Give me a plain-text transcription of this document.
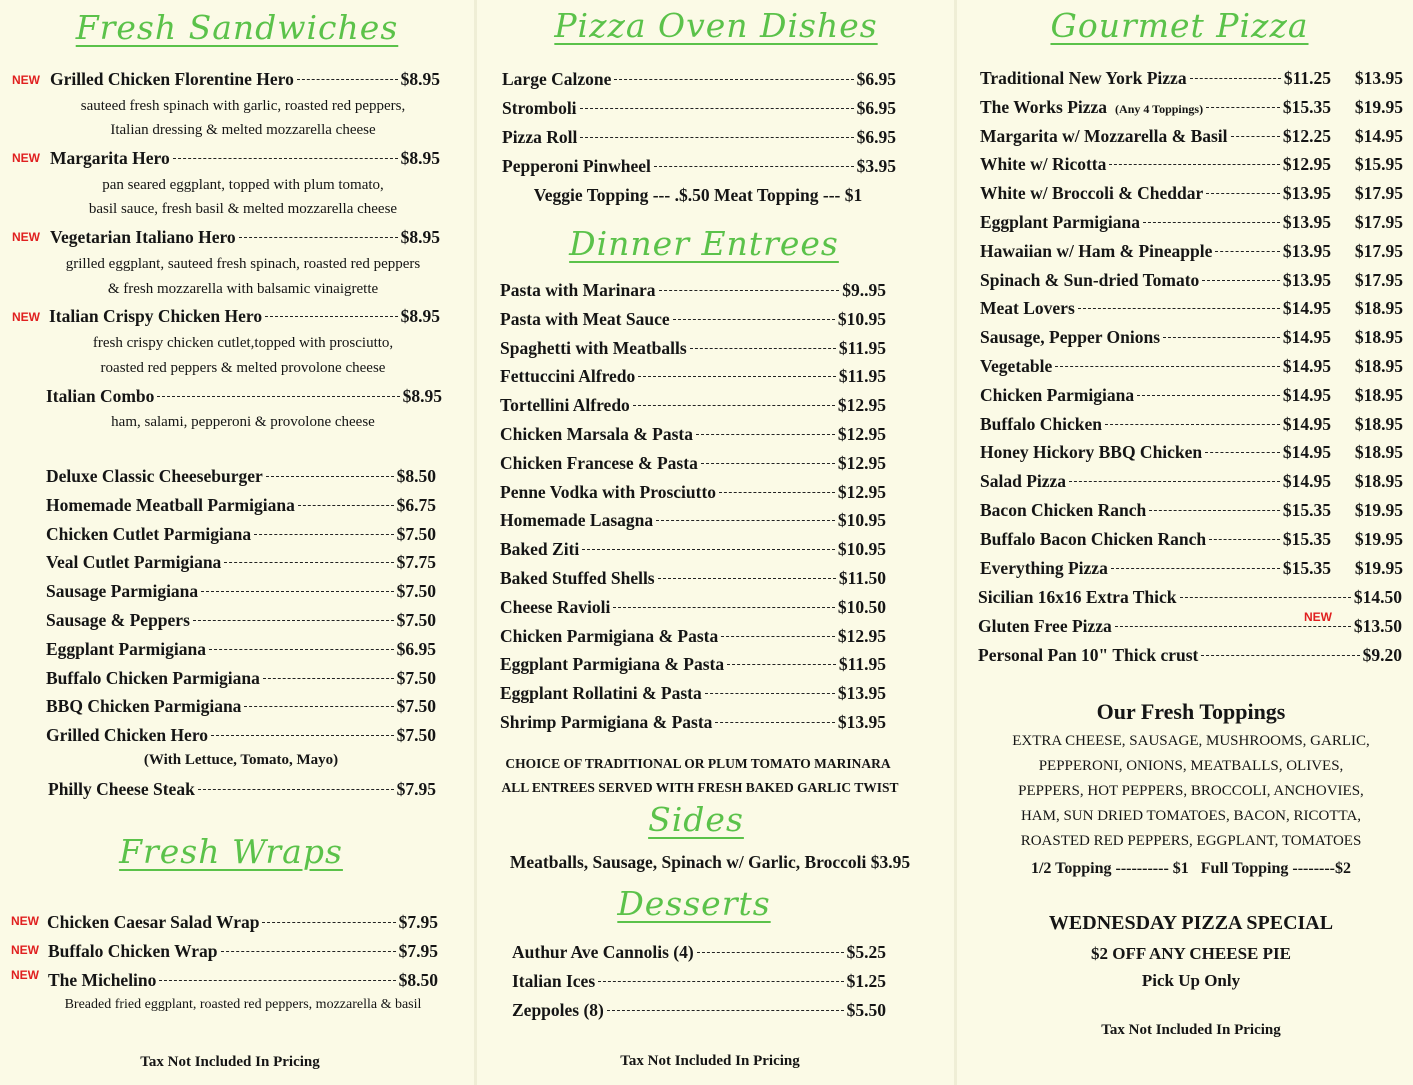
Fresh Sandwiches
NEW Grilled Chicken Florentine Hero	$8.95
sauteed fresh spinach with garlic, roasted red peppers,
Italian dressing & melted mozzarella cheese
NEW Margarita Hero	$8.95
pan seared eggplant, topped with plum tomato,
basil sauce, fresh basil & melted mozzarella cheese
NEW Vegetarian Italiano Hero	$8.95
grilled eggplant, sauteed fresh spinach, roasted red peppers
& fresh mozzarella with balsamic vinaigrette
NEW Italian Crispy Chicken Hero	$8.95
fresh crispy chicken cutlet,topped with prosciutto,
roasted red peppers & melted provolone cheese
Italian Combo	$8.95
ham, salami, pepperoni & provolone cheese
Deluxe Classic Cheeseburger	$8.50
Homemade Meatball Parmigiana	$6.75
Chicken Cutlet Parmigiana	$7.50
Veal Cutlet Parmigiana	$7.75
Sausage Parmigiana	$7.50
Sausage & Peppers	$7.50
Eggplant Parmigiana	$6.95
Buffalo Chicken Parmigiana	$7.50
BBQ Chicken Parmigiana	$7.50
Grilled Chicken Hero	$7.50
(With Lettuce, Tomato, Mayo)
Philly Cheese Steak	$7.95
Fresh Wraps
NEW Chicken Caesar Salad Wrap	$7.95
NEW Buffalo Chicken Wrap	$7.95
NEW The Michelino	$8.50
Breaded fried eggplant, roasted red peppers, mozzarella & basil
Tax Not Included In Pricing
Pizza Oven Dishes
Large Calzone	$6.95
Stromboli	$6.95
Pizza Roll	$6.95
Pepperoni Pinwheel	$3.95
Veggie Topping --- .$.50 Meat Topping --- $1
Dinner Entrees
Pasta with Marinara	$9..95
Pasta with Meat Sauce	$10.95
Spaghetti with Meatballs	$11.95
Fettuccini Alfredo	$11.95
Tortellini Alfredo	$12.95
Chicken Marsala & Pasta	$12.95
Chicken Francese & Pasta	$12.95
Penne Vodka with Prosciutto	$12.95
Homemade Lasagna	$10.95
Baked Ziti	$10.95
Baked Stuffed Shells	$11.50
Cheese Ravioli	$10.50
Chicken Parmigiana & Pasta	$12.95
Eggplant Parmigiana & Pasta	$11.95
Eggplant Rollatini & Pasta	$13.95
Shrimp Parmigiana & Pasta	$13.95
CHOICE OF TRADITIONAL OR PLUM TOMATO MARINARA
ALL ENTREES SERVED WITH FRESH BAKED GARLIC TWIST
Sides
Meatballs, Sausage, Spinach w/ Garlic, Broccoli $3.95
Desserts
Authur Ave Cannolis (4)	$5.25
Italian Ices	$1.25
Zeppoles (8)	$5.50
Tax Not Included In Pricing
Gourmet Pizza
Traditional New York Pizza	$11.25	$13.95
The Works Pizza (Any 4 Toppings)	$15.35	$19.95
Margarita w/ Mozzarella & Basil	$12.25	$14.95
White w/ Ricotta	$12.95	$15.95
White w/ Broccoli & Cheddar	$13.95	$17.95
Eggplant Parmigiana	$13.95	$17.95
Hawaiian w/ Ham & Pineapple	$13.95	$17.95
Spinach & Sun-dried Tomato	$13.95	$17.95
Meat Lovers	$14.95	$18.95
Sausage, Pepper Onions	$14.95	$18.95
Vegetable	$14.95	$18.95
Chicken Parmigiana	$14.95	$18.95
Buffalo Chicken	$14.95	$18.95
Honey Hickory BBQ Chicken	$14.95	$18.95
Salad Pizza	$14.95	$18.95
Bacon Chicken Ranch	$15.35	$19.95
Buffalo Bacon Chicken Ranch	$15.35	$19.95
Everything Pizza	$15.35	$19.95
Sicilian 16x16 Extra Thick	$14.50
Gluten Free Pizza	$13.50
NEW
Personal Pan 10" Thick crust	$9.20
Our Fresh Toppings
EXTRA CHEESE, SAUSAGE, MUSHROOMS, GARLIC,
PEPPERONI, ONIONS, MEATBALLS, OLIVES,
PEPPERS, HOT PEPPERS, BROCCOLI, ANCHOVIES,
HAM, SUN DRIED TOMATOES, BACON, RICOTTA,
ROASTED RED PEPPERS, EGGPLANT, TOMATOES
1/2 Topping ---------- $1 Full Topping --------$2
WEDNESDAY PIZZA SPECIAL
$2 OFF ANY CHEESE PIE
Pick Up Only
Tax Not Included In Pricing
